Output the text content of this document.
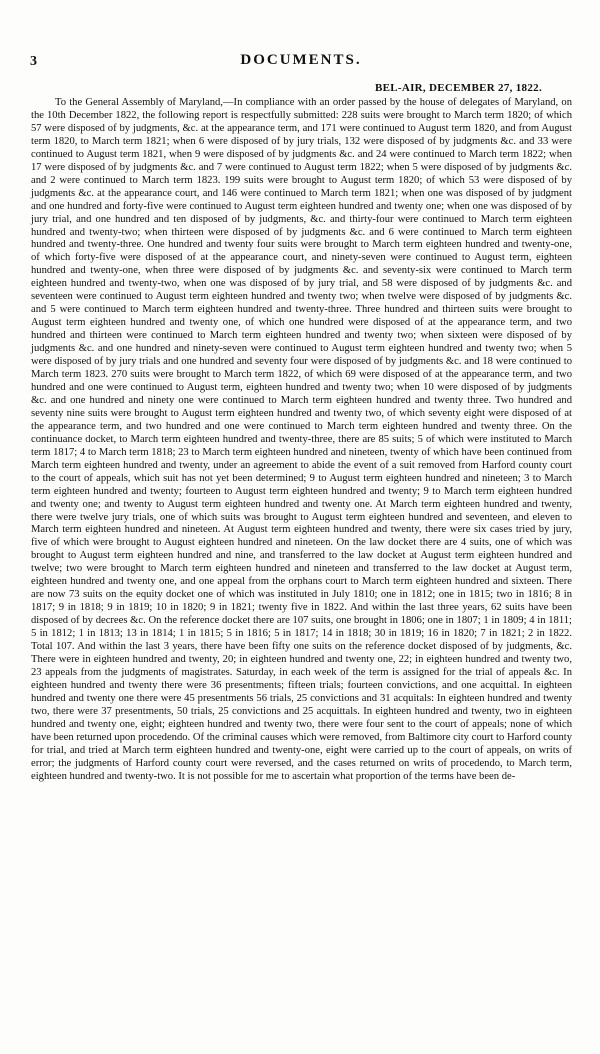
3	DOCUMENTS.
BEL-AIR, DECEMBER 27, 1822.

To the General Assembly of Maryland,—In compliance with an order passed by the house of delegates of Maryland, on the 10th December 1822, the following report is respectfully submitted: 228 suits were brought to March term 1820; of which 57 were disposed of by judgments, &c. at the appearance term, and 171 were continued to August term 1820, and from August term 1820, to March term 1821; when 6 were disposed of by jury trials, 132 were disposed of by judgments &c. and 33 were continued to August term 1821, when 9 were disposed of by judgments &c. and 24 were continued to March term 1822; when 17 were disposed of by judgments &c. and 7 were continued to August term 1822; when 5 were disposed of by judgments &c. and 2 were continued to March term 1823. 199 suits were brought to August term 1820; of which 53 were disposed of by judgments &c. at the appearance court, and 146 were continued to March term 1821; when one was disposed of by judgment and one hundred and forty-five were continued to August term eighteen hundred and twenty one; when one was disposed of by jury trial, and one hundred and ten disposed of by judgments, &c. and thirty-four were continued to March term eighteen hundred and twenty-two; when thirteen were disposed of by judgments &c. and 6 were continued to March term eighteen hundred and twenty-three. One hundred and twenty four suits were brought to March term eighteen hundred and twenty-one, of which forty-five were disposed of at the appearance court, and ninety-seven were continued to August term, eighteen hundred and twenty-one, when three were disposed of by judgments &c. and seventy-six were continued to March term eighteen hundred and twenty-two, when one was disposed of by jury trial, and 58 were disposed of by judgments &c. and seventeen were continued to August term eighteen hundred and twenty two; when twelve were disposed of by judgments &c. and 5 were continued to March term eighteen hundred and twenty-three. Three hundred and thirteen suits were brought to August term eighteen hundred and twenty one, of which one hundred were disposed of at the appearance term, and two hundred and thirteen were continued to March term eighteen hundred and twenty two; when sixteen were disposed of by judgments &c. and one hundred and ninety-seven were continued to August term eighteen hundred and twenty two; when 5 were disposed of by jury trials and one hundred and seventy four were disposed of by judgments &c. and 18 were continued to March term 1823. 270 suits were brought to March term 1822, of which 69 were disposed of at the appearance term, and two hundred and one were continued to August term, eighteen hundred and twenty two; when 10 were disposed of by judgments &c. and one hundred and ninety one were continued to March term eighteen hundred and twenty three. Two hundred and seventy nine suits were brought to August term eighteen hundred and twenty two, of which seventy eight were disposed of at the appearance term, and two hundred and one were continued to March term eighteen hundred and twenty three. On the continuance docket, to March term eighteen hundred and twenty-three, there are 85 suits; 5 of which were instituted to March term 1817; 4 to March term 1818; 23 to March term eighteen hundred and nineteen, twenty of which have been continued from March term eighteen hundred and twenty, under an agreement to abide the event of a suit removed from Harford county court to the court of appeals, which suit has not yet been determined; 9 to August term eighteen hundred and nineteen; 3 to March term eighteen hundred and twenty; fourteen to August term eighteen hundred and twenty; 9 to March term eighteen hundred and twenty one; and twenty to August term eighteen hundred and twenty one. At March term eighteen hundred and twenty, there were twelve jury trials, one of which suits was brought to August term eighteen hundred and seventeen, and eleven to March term eighteen hundred and nineteen. At August term eighteen hundred and twenty, there were six cases tried by jury, five of which were brought to August eighteen hundred and nineteen. On the law docket there are 4 suits, one of which was brought to August term eighteen hundred and nine, and transferred to the law docket at August term eighteen hundred and twelve; two were brought to March term eighteen hundred and nineteen and transferred to the law docket at August term, eighteen hundred and twenty one, and one appeal from the orphans court to March term eighteen hundred and sixteen. There are now 73 suits on the equity docket one of which was instituted in July 1810; one in 1812; one in 1815; two in 1816; 8 in 1817; 9 in 1818; 9 in 1819; 10 in 1820; 9 in 1821; twenty five in 1822. And within the last three years, 62 suits have been disposed of by decrees &c. On the reference docket there are 107 suits, one brought in 1806; one in 1807; 1 in 1809; 4 in 1811; 5 in 1812; 1 in 1813; 13 in 1814; 1 in 1815; 5 in 1816; 5 in 1817; 14 in 1818; 30 in 1819; 16 in 1820; 7 in 1821; 2 in 1822. Total 107. And within the last 3 years, there have been fifty one suits on the reference docket disposed of by judgments, &c. There were in eighteen hundred and twenty, 20; in eighteen hundred and twenty one, 22; in eighteen hundred and twenty two, 23 appeals from the judgments of magistrates. Saturday, in each week of the term is assigned for the trial of appeals &c. In eighteen hundred and twenty there were 36 presentments; fifteen trials; fourteen convictions, and one acquittal. In eighteen hundred and twenty one there were 45 presentments 56 trials, 25 convictions and 31 acquitals: In eighteen hundred and twenty two, there were 37 presentments, 50 trials, 25 convictions and 25 acquittals. In eighteen hundred and twenty, two in eighteen hundred and twenty one, eight; eighteen hundred and twenty two, there were four sent to the court of appeals; none of which have been returned upon procedendo. Of the criminal causes which were removed, from Baltimore city court to Harford county for trial, and tried at March term eighteen hundred and twenty-one, eight were carried up to the court of appeals, on writs of error; the judgments of Harford county court were reversed, and the cases returned on writs of procedendo, to March term, eighteen hundred and twenty-two. It is not possible for me to ascertain what proportion of the terms have been de-
